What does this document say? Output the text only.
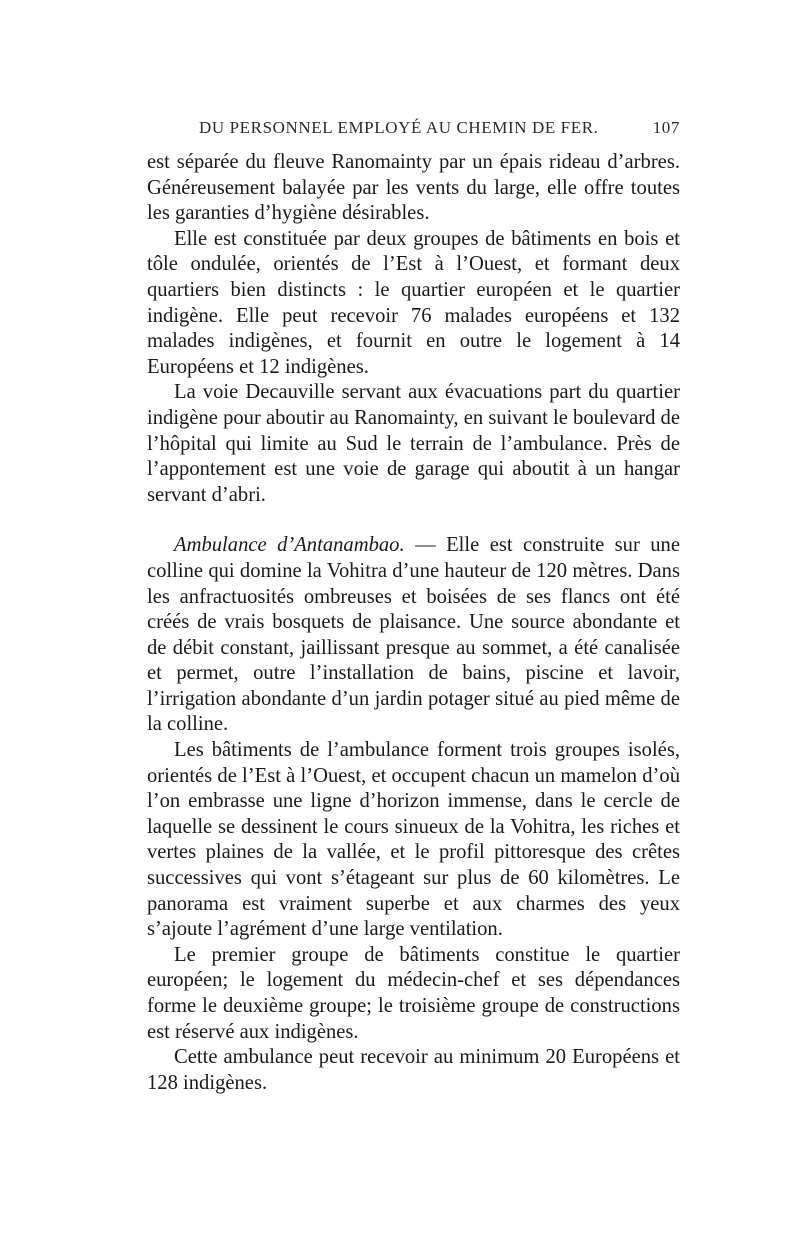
DU PERSONNEL EMPLOYÉ AU CHEMIN DE FER.	107

est séparée du fleuve Ranomainty par un épais rideau d’arbres. Généreusement balayée par les vents du large, elle offre toutes les garanties d’hygiène désirables.

Elle est constituée par deux groupes de bâtiments en bois et tôle ondulée, orientés de l’Est à l’Ouest, et formant deux quartiers bien distincts : le quartier européen et le quartier indigène. Elle peut recevoir 76 malades européens et 132 malades indigènes, et fournit en outre le logement à 14 Européens et 12 indigènes.

La voie Decauville servant aux évacuations part du quartier indigène pour aboutir au Ranomainty, en suivant le boulevard de l’hôpital qui limite au Sud le terrain de l’ambulance. Près de l’appontement est une voie de garage qui aboutit à un hangar servant d’abri.

Ambulance d’Antanambao. — Elle est construite sur une colline qui domine la Vohitra d’une hauteur de 120 mètres. Dans les anfractuosités ombreuses et boisées de ses flancs ont été créés de vrais bosquets de plaisance. Une source abondante et de débit constant, jaillissant presque au sommet, a été canalisée et permet, outre l’installation de bains, piscine et lavoir, l’irrigation abondante d’un jardin potager situé au pied même de la colline.

Les bâtiments de l’ambulance forment trois groupes isolés, orientés de l’Est à l’Ouest, et occupent chacun un mamelon d’où l’on embrasse une ligne d’horizon immense, dans le cercle de laquelle se dessinent le cours sinueux de la Vohitra, les riches et vertes plaines de la vallée, et le profil pittoresque des crêtes successives qui vont s’étageant sur plus de 60 kilomètres. Le panorama est vraiment superbe et aux charmes des yeux s’ajoute l’agrément d’une large ventilation.

Le premier groupe de bâtiments constitue le quartier européen; le logement du médecin-chef et ses dépendances forme le deuxième groupe; le troisième groupe de constructions est réservé aux indigènes.

Cette ambulance peut recevoir au minimum 20 Européens et 128 indigènes.
